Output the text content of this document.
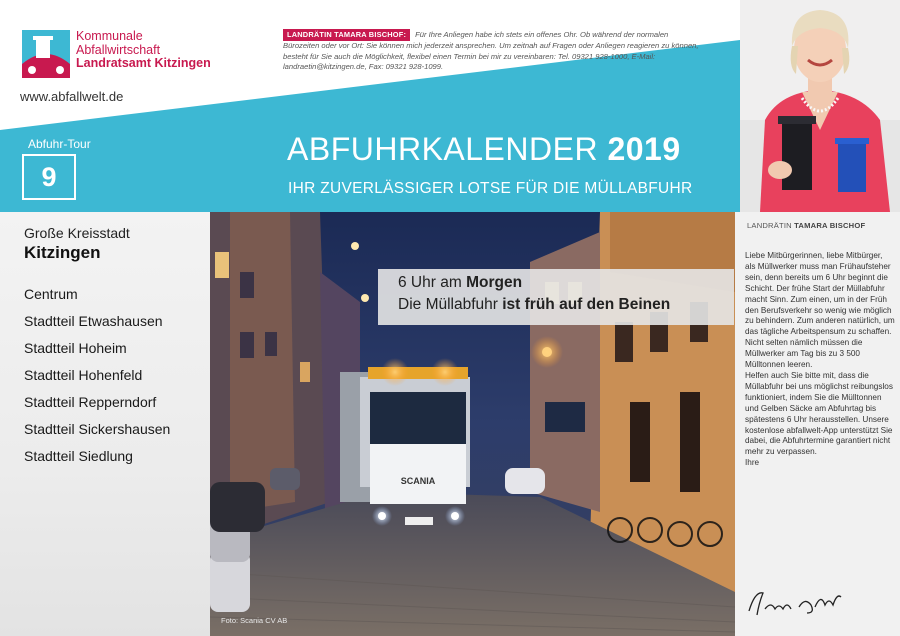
Kommunale
Abfallwirtschaft
Landratsamt Kitzingen
www.abfallwelt.de
LANDRÄTIN TAMARA BISCHOF: Für Ihre Anliegen habe ich stets ein offenes Ohr. Ob während der normalen Bürozeiten oder vor Ort: Sie können mich jederzeit ansprechen. Um zeitnah auf Fragen oder Anliegen reagieren zu können, besteht für Sie auch die Möglichkeit, flexibel einen Termin bei mir zu vereinbaren: Tel. 09321 928-1000, E-Mail: landraetin@kitzingen.de, Fax: 09321 928-1099.
ABFUHRKALENDER 2019
IHR ZUVERLÄSSIGER LOTSE FÜR DIE MÜLLABFUHR
Abfuhr-Tour
9
Große Kreisstadt
Kitzingen
Centrum
Stadtteil Etwashausen
Stadtteil Hoheim
Stadtteil Hohenfeld
Stadtteil Repperndorf
Stadtteil Sickershausen
Stadtteil Siedlung
SCANIA
6 Uhr am Morgen
Die Müllabfuhr ist früh auf den Beinen
Foto: Scania CV AB
LANDRÄTIN TAMARA BISCHOF

Liebe Mitbürgerinnen, liebe Mitbürger,

als Müllwerker muss man Frühaufsteher sein, denn bereits um 6 Uhr beginnt die Schicht. Der frühe Start der Müllabfuhr macht Sinn. Zum einen, um in der Früh den Berufsverkehr so wenig wie möglich zu behindern. Zum anderen natürlich, um das tägliche Arbeitspensum zu schaffen. Nicht selten nämlich müssen die Müllwerker am Tag bis zu 3 500 Mülltonnen leeren.

Helfen auch Sie bitte mit, dass die Müllabfuhr bei uns möglichst reibungslos funktioniert, indem Sie die Mülltonnen und Gelben Säcke am Abfuhrtag bis spätestens 6 Uhr herausstellen. Unsere kostenlose abfallwelt-App unterstützt Sie dabei, die Abfuhrtermine garantiert nicht mehr zu verpassen.

Ihre
